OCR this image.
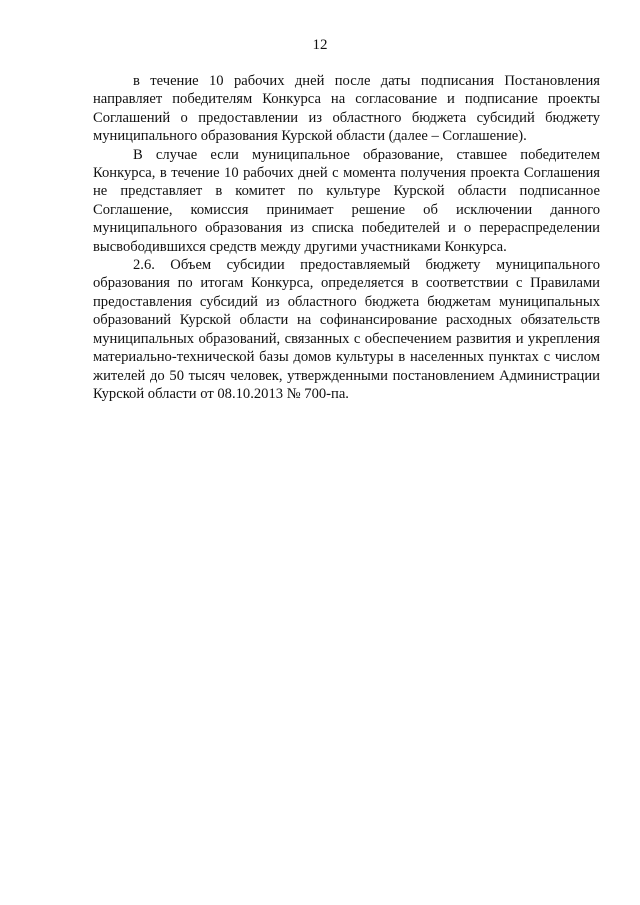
12

в течение 10 рабочих дней после даты подписания Постановления направляет победителям Конкурса на согласование и подписание проекты Соглашений о предоставлении из областного бюджета субсидий бюджету муниципального образования Курской области (далее – Соглашение).

В случае если муниципальное образование, ставшее победителем Конкурса, в течение 10 рабочих дней с момента получения проекта Соглашения не представляет в комитет по культуре Курской области подписанное Соглашение, комиссия принимает решение об исключении данного муниципального образования из списка победителей и о перераспределении высвободившихся средств между другими участниками Конкурса.

2.6. Объем субсидии предоставляемый бюджету муниципального образования по итогам Конкурса, определяется в соответствии с Правилами предоставления субсидий из областного бюджета бюджетам муниципальных образований Курской области на софинансирование расходных обязательств муниципальных образований, связанных с обеспечением развития и укрепления материально-технической базы домов культуры в населенных пунктах с числом жителей до 50 тысяч человек, утвержденными постановлением Администрации Курской области от 08.10.2013 № 700-па.
